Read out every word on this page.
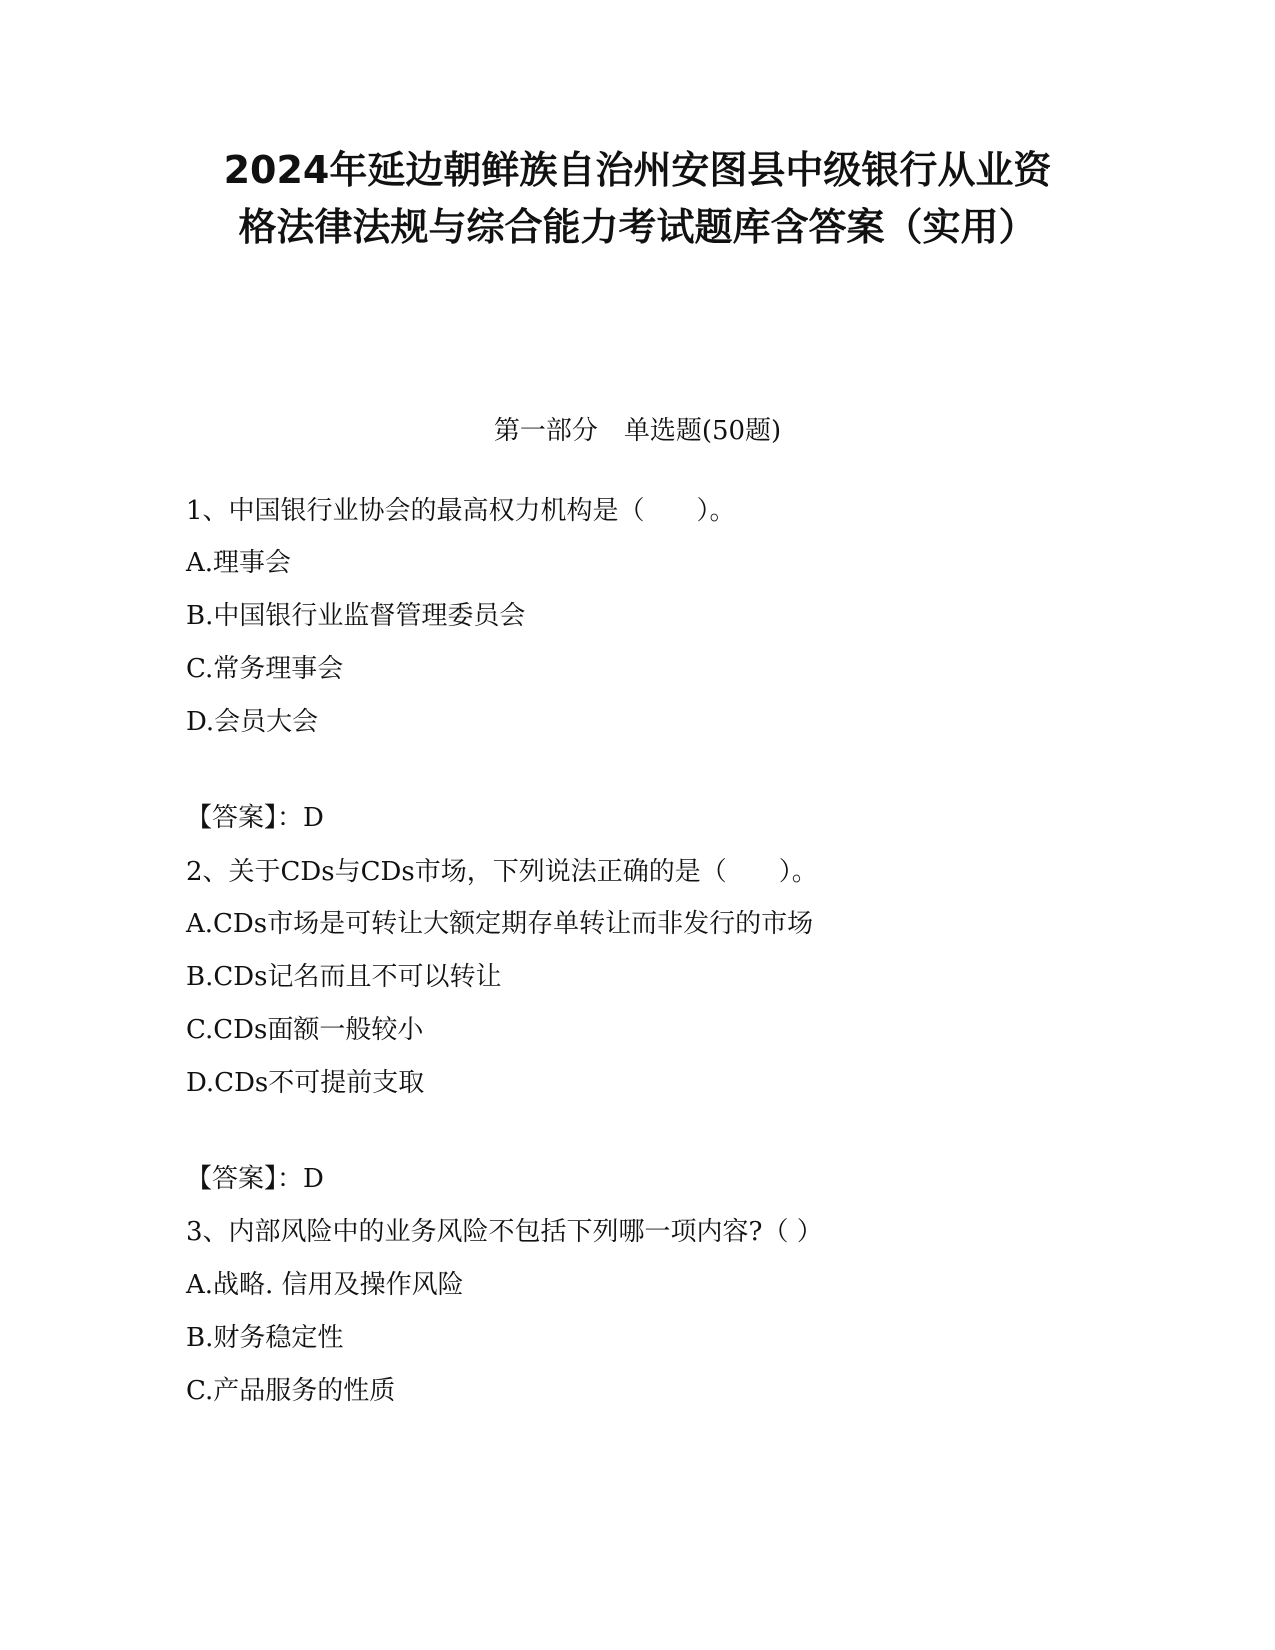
2024年延边朝鲜族自治州安图县中级银行从业资
格法律法规与综合能力考试题库含答案（实用）
第一部分　单选题(50题)
1、中国银行业协会的最高权力机构是（　　）。
A.理事会
B.中国银行业监督管理委员会
C.常务理事会
D.会员大会
【答案】：D
2、关于CDs与CDs市场，下列说法正确的是（　　）。
A.CDs市场是可转让大额定期存单转让而非发行的市场
B.CDs记名而且不可以转让
C.CDs面额一般较小
D.CDs不可提前支取
【答案】：D
3、内部风险中的业务风险不包括下列哪一项内容?（ ）
A.战略. 信用及操作风险
B.财务稳定性
C.产品服务的性质
